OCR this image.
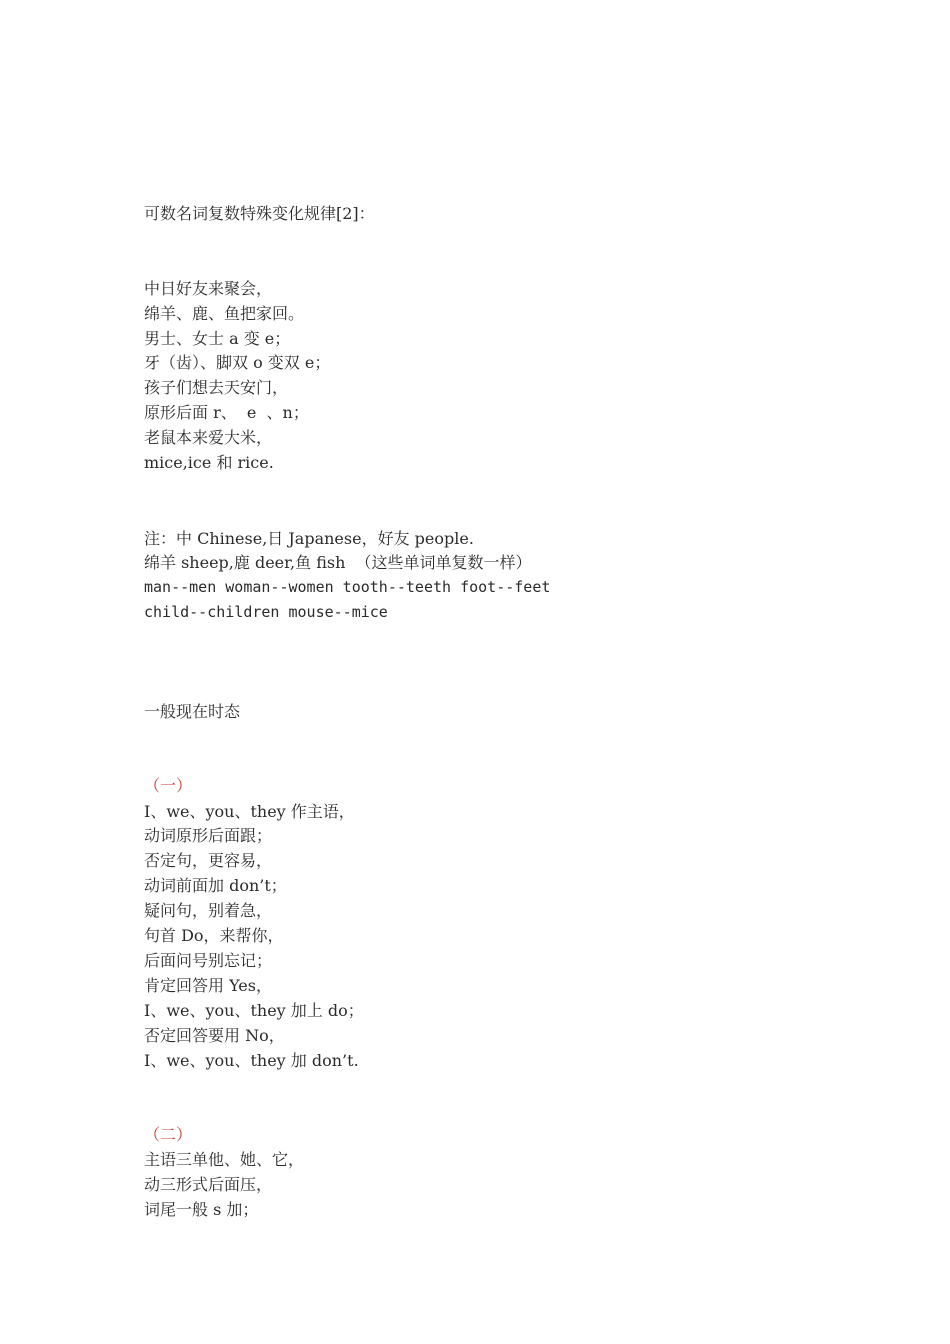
可数名词复数特殊变化规律[2]：
中日好友来聚会，
绵羊、鹿、鱼把家回。
男士、女士 a 变 e；
牙（齿）、脚双 o 变双 e；
孩子们想去天安门，
原形后面 r、  e  、n；
老鼠本来爱大米，
mice,ice 和 rice.
注：中 Chinese,日 Japanese，好友 people.
绵羊 sheep,鹿 deer,鱼 fish  （这些单词单复数一样）
man--men woman--women tooth--teeth foot--feet
child--children mouse--mice
一般现在时态
（一）
I、we、you、they 作主语，
动词原形后面跟；
否定句，更容易，
动词前面加 don’t；
疑问句，别着急，
句首 Do，来帮你，
后面问号别忘记；
肯定回答用 Yes，
I、we、you、they 加上 do；
否定回答要用 No，
I、we、you、they 加 don’t.
（二）
主语三单他、她、它，
动三形式后面压，
词尾一般 s 加；
